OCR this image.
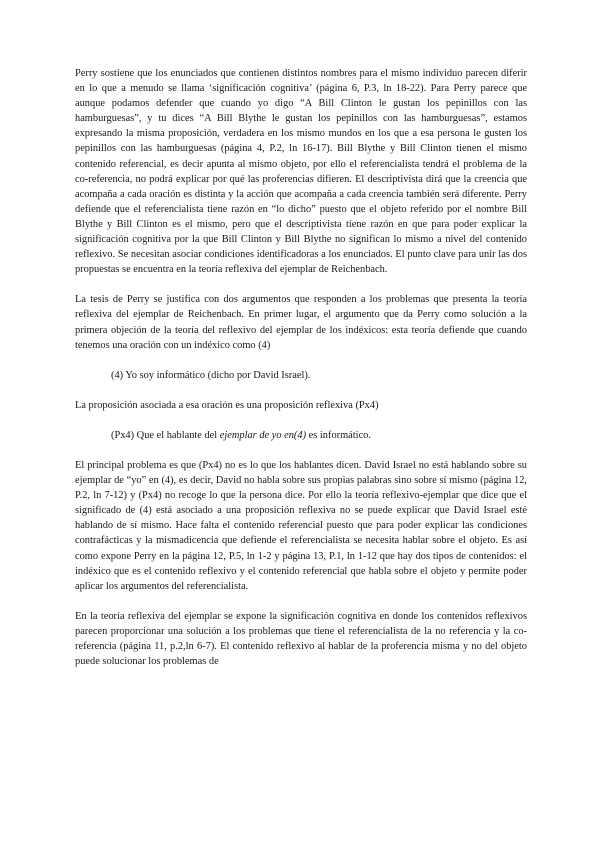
Perry sostiene que los enunciados que contienen distintos nombres para el mismo individuo parecen diferir en lo que a menudo se llama ‘significación cognitiva’ (página 6, P.3, ln 18-22). Para Perry parece que aunque podamos defender que cuando yo digo “A Bill Clinton le gustan los pepinillos con las hamburguesas”, y tu dices “A Bill Blythe le gustan los pepinillos con las hamburguesas”, estamos expresando la misma proposición, verdadera en los mismo mundos en los que a esa persona le gusten los pepinillos con las hamburguesas (página 4, P.2, ln 16-17). Bill Blythe y Bill Clinton tienen el mismo contenido referencial, es decir apunta al mismo objeto, por ello el referencialista tendrá el problema de la co-referencia, no podrá explicar por qué las proferencias difieren. El descriptivista dirá que la creencia que acompaña a cada oración es distinta y la acción que acompaña a cada creencia también será diferente. Perry defiende que el referencialista tiene razón en “lo dicho” puesto que el objeto referido por el nombre Bill Blythe y Bill Clinton es el mismo, pero que el descriptivista tiene razón en que para poder explicar la significación cognitiva por la que Bill Clinton y Bill Blythe no significan lo mismo a nivel del contenido reflexivo. Se necesitan asociar condiciones identificadoras a los enunciados. El punto clave para unir las dos propuestas se encuentra en la teoría reflexiva del ejemplar de Reichenbach.

La tesis de Perry se justifica con dos argumentos que responden a los problemas que presenta la teoría reflexiva del ejemplar de Reichenbach. En primer lugar, el argumento que da Perry como solución a la primera objeción de la teoría del reflexivo del ejemplar de los indéxicos: esta teoría defiende que cuando tenemos una oración con un indéxico como (4)

(4) Yo soy informático (dicho por David Israel).

La proposición asociada a esa oración es una proposición reflexiva (Px4)

(Px4) Que el hablante del ejemplar de yo en(4) es informático.

El principal problema es que (Px4) no es lo que los hablantes dicen. David Israel no está hablando sobre su ejemplar de “yo” en (4), es decir, David no habla sobre sus propias palabras sino sobre sí mismo (página 12, P.2, ln 7-12) y (Px4) no recoge lo que la persona dice. Por ello la teoría reflexivo-ejemplar que dice que el significado de (4) está asociado a una proposición reflexiva no se puede explicar que David Israel esté hablando de sí mismo. Hace falta el contenido referencial puesto que para poder explicar las condiciones contrafácticas y la mismadicencia que defiende el referencialista se necesita hablar sobre el objeto. Es así como expone Perry en la página 12, P.5, ln 1-2 y página 13, P.1, ln 1-12 que hay dos tipos de contenidos: el indéxico que es el contenido reflexivo y el contenido referencial que habla sobre el objeto y permite poder aplicar los argumentos del referencialista.

En la teoría reflexiva del ejemplar se expone la significación cognitiva en donde los contenidos reflexivos parecen proporcionar una solución a los problemas que tiene el referencialista de la no referencia y la co-referencia (página 11, p.2,ln 6-7). El contenido reflexivo al hablar de la proferencia misma y no del objeto puede solucionar los problemas de
